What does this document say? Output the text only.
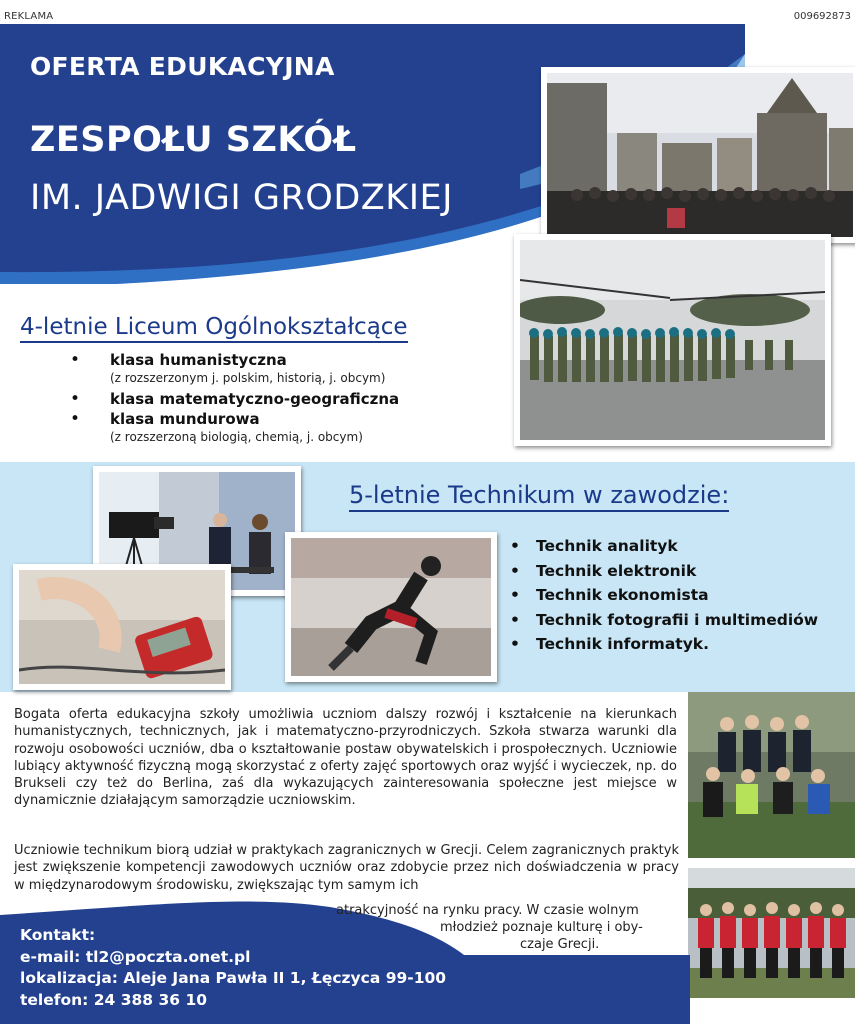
REKLAMA	009692873
OFERTA EDUKACYJNA
ZESPOŁU SZKÓŁ
IM. JADWIGI GRODZKIEJ
4-letnie Liceum Ogólnokształcące
• klasa humanistyczna
(z rozszerzonym j. polskim, historią, j. obcym)
• klasa matematyczno-geograficzna
• klasa mundurowa
(z rozszerzoną biologią, chemią, j. obcym)
5-letnie Technikum w zawodzie:
• Technik analityk
• Technik elektronik
• Technik ekonomista
• Technik fotografii i multimediów
• Technik informatyk.
Bogata oferta edukacyjna szkoły umożliwia uczniom dalszy rozwój i kształcenie na kierunkach humanistycznych, technicznych, jak i matematyczno-przyrodniczych. Szkoła stwarza warunki dla rozwoju osobowości uczniów, dba o kształtowanie postaw obywatelskich i prospołecznych. Uczniowie lubiący aktywność fizyczną mogą skorzystać z oferty zajęć sportowych oraz wyjść i wycieczek, np. do Brukseli czy też do Berlina, zaś dla wykazujących zainteresowania społeczne jest miejsce w dynamicznie działającym samorządzie uczniowskim.
Uczniowie technikum biorą udział w praktykach zagranicznych w Grecji. Celem zagranicznych praktyk jest zwiększenie kompetencji zawodowych uczniów oraz zdobycie przez nich doświadczenia w pracy w międzynarodowym środowisku, zwiększając tym samym ich
atrakcyjność na rynku pracy. W czasie wolnym
młodzież poznaje kulturę i oby-
czaje Grecji.
Kontakt:
e-mail: tl2@poczta.onet.pl
lokalizacja: Aleje Jana Pawła II 1, Łęczyca 99-100
telefon: 24 388 36 10
